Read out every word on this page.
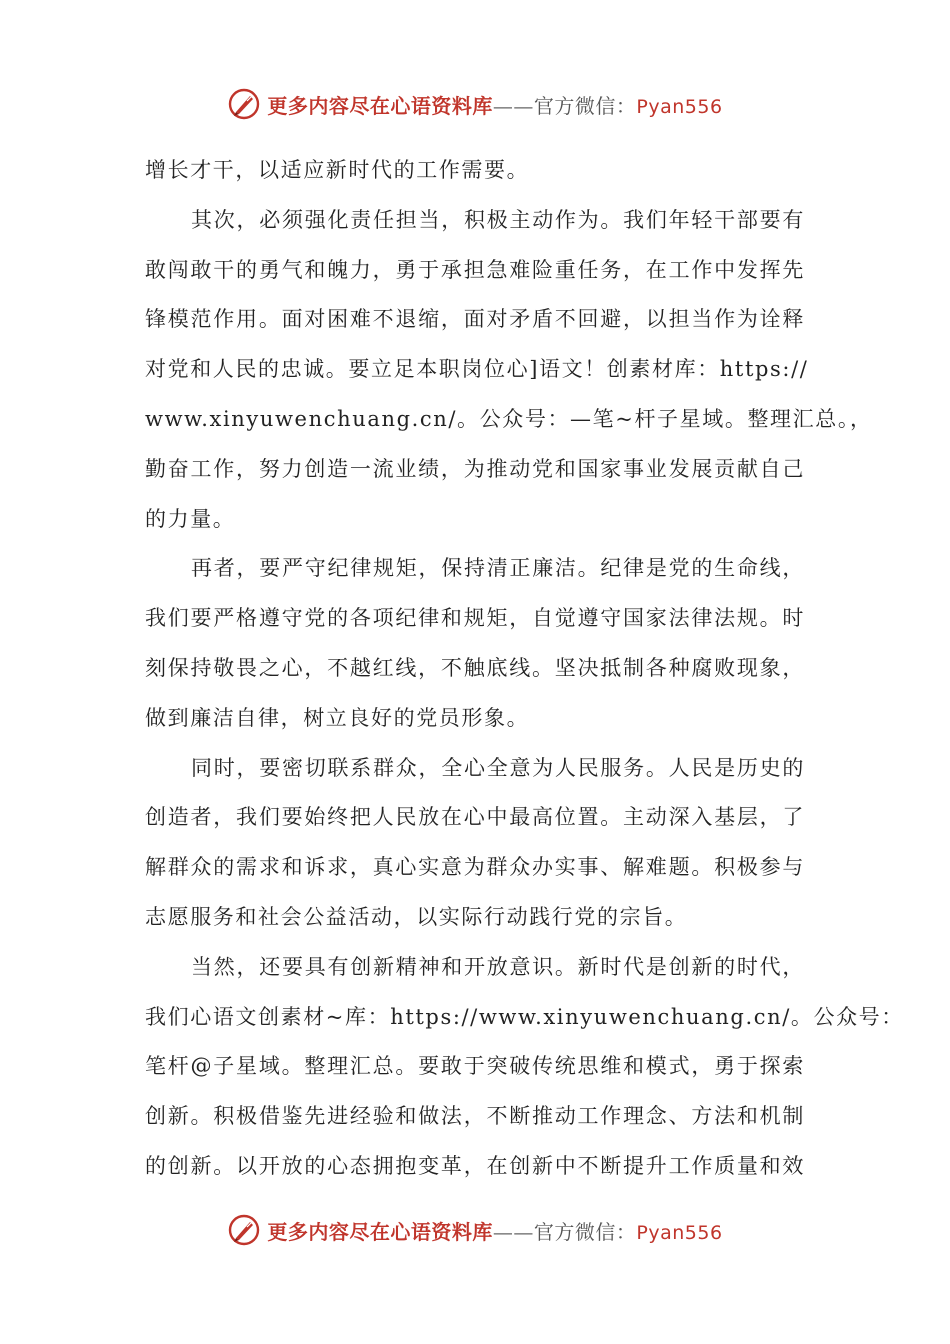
更多内容尽在心语资料库——官方微信：Pyan556
增长才干，以适应新时代的工作需要。
其次，必须强化责任担当，积极主动作为。我们年轻干部要有
敢闯敢干的勇气和魄力，勇于承担急难险重任务，在工作中发挥先
锋模范作用。面对困难不退缩，面对矛盾不回避，以担当作为诠释
对党和人民的忠诚。要立足本职岗位心]语文！创素材库：https://
www.xinyuwenchuang.cn/。公众号：—笔~杆子星域。整理汇总。，
勤奋工作，努力创造一流业绩，为推动党和国家事业发展贡献自己
的力量。
再者，要严守纪律规矩，保持清正廉洁。纪律是党的生命线，
我们要严格遵守党的各项纪律和规矩，自觉遵守国家法律法规。时
刻保持敬畏之心，不越红线，不触底线。坚决抵制各种腐败现象，
做到廉洁自律，树立良好的党员形象。
同时，要密切联系群众，全心全意为人民服务。人民是历史的
创造者，我们要始终把人民放在心中最高位置。主动深入基层，了
解群众的需求和诉求，真心实意为群众办实事、解难题。积极参与
志愿服务和社会公益活动，以实际行动践行党的宗旨。
当然，还要具有创新精神和开放意识。新时代是创新的时代，
我们心语文创素材~库：https://www.xinyuwenchuang.cn/。公众号：
笔杆@子星域。整理汇总。要敢于突破传统思维和模式，勇于探索
创新。积极借鉴先进经验和做法，不断推动工作理念、方法和机制
的创新。以开放的心态拥抱变革，在创新中不断提升工作质量和效
更多内容尽在心语资料库——官方微信：Pyan556
